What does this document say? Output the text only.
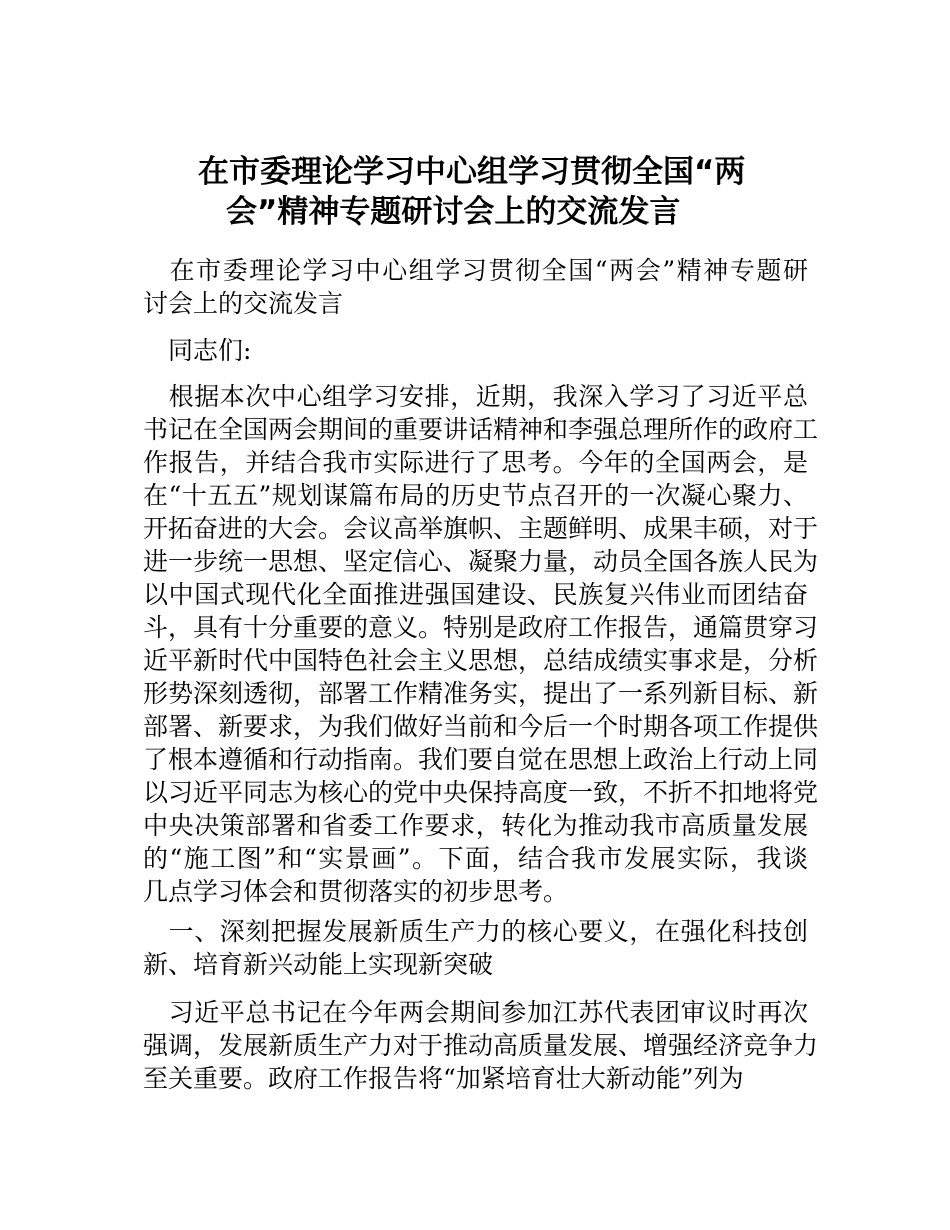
在市委理论学习中心组学习贯彻全国“两
会”精神专题研讨会上的交流发言
　在市委理论学习中心组学习贯彻全国“两会”精神专题研
讨会上的交流发言
　同志们:
　根据本次中心组学习安排，近期，我深入学习了习近平总
书记在全国两会期间的重要讲话精神和李强总理所作的政府工
作报告，并结合我市实际进行了思考。今年的全国两会，是
在“十五五”规划谋篇布局的历史节点召开的一次凝心聚力、
开拓奋进的大会。会议高举旗帜、主题鲜明、成果丰硕，对于
进一步统一思想、坚定信心、凝聚力量，动员全国各族人民为
以中国式现代化全面推进强国建设、民族复兴伟业而团结奋
斗，具有十分重要的意义。特别是政府工作报告，通篇贯穿习
近平新时代中国特色社会主义思想，总结成绩实事求是，分析
形势深刻透彻，部署工作精准务实，提出了一系列新目标、新
部署、新要求，为我们做好当前和今后一个时期各项工作提供
了根本遵循和行动指南。我们要自觉在思想上政治上行动上同
以习近平同志为核心的党中央保持高度一致，不折不扣地将党
中央决策部署和省委工作要求，转化为推动我市高质量发展
的“施工图”和“实景画”。下面，结合我市发展实际，我谈
几点学习体会和贯彻落实的初步思考。
　一、深刻把握发展新质生产力的核心要义，在强化科技创
新、培育新兴动能上实现新突破
　习近平总书记在今年两会期间参加江苏代表团审议时再次
强调，发展新质生产力对于推动高质量发展、增强经济竞争力
至关重要。政府工作报告将“加紧培育壮大新动能”列为
